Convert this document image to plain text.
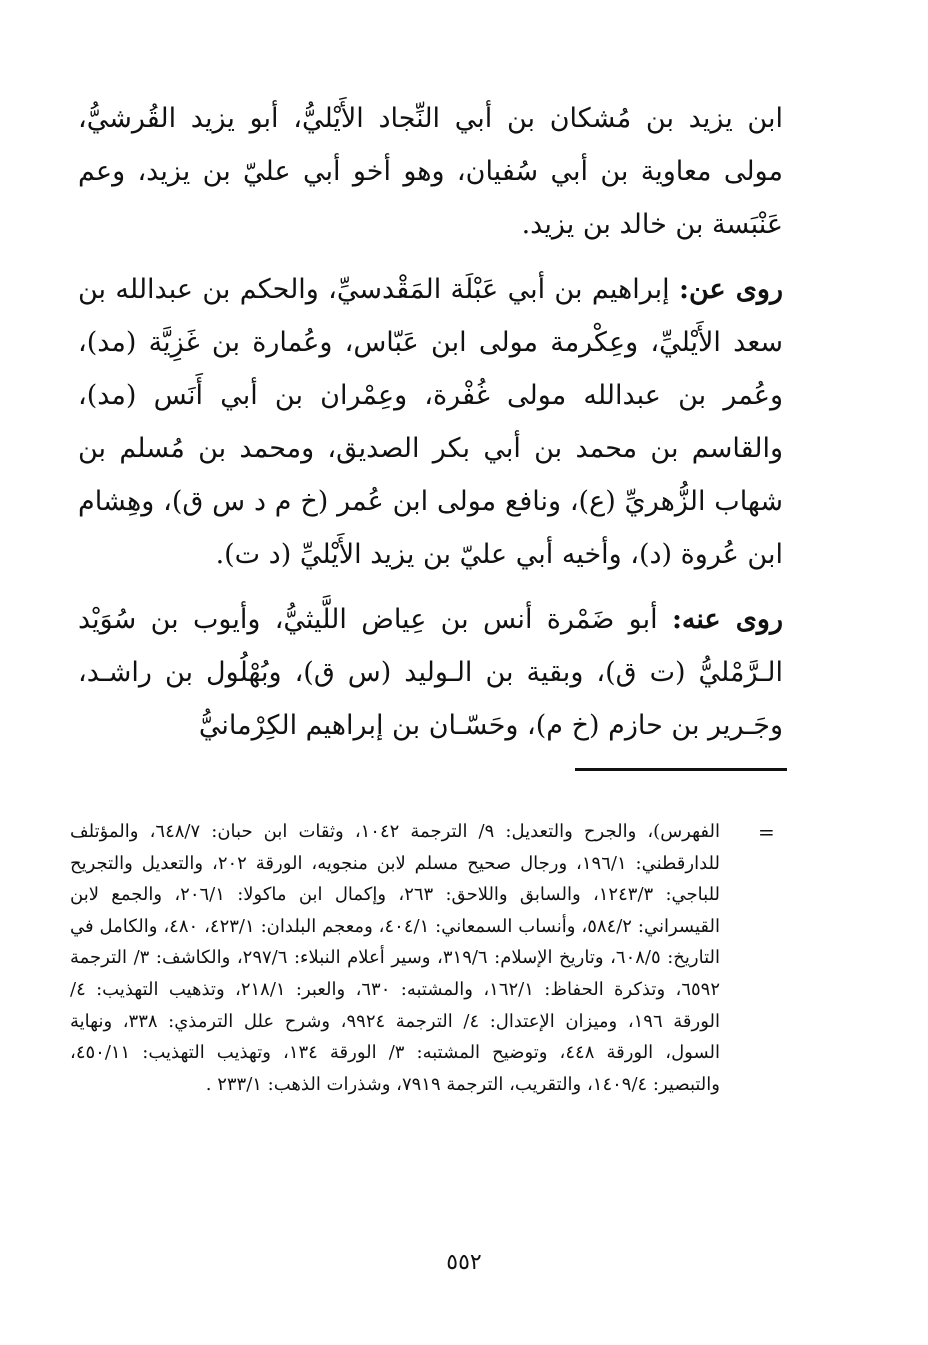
ابن يزيد بن مُشكان بن أبي النِّجاد الأَيْليُّ، أبو يزيد القُرشيُّ، مولى معاوية بن أبي سُفيان، وهو أخو أبي عليّ بن يزيد، وعم عَنْبَسة بن خالد بن يزيد.

روى عن: إبراهيم بن أبي عَبْلَة المَقْدسيِّ، والحكم بن عبدالله بن سعد الأَيْليِّ، وعِكْرمة مولى ابن عَبّاس، وعُمارة بن غَزِيَّة (مد)، وعُمر بن عبدالله مولى غُفْرة، وعِمْران بن أبي أَنَس (مد)، والقاسم بن محمد بن أبي بكر الصديق، ومحمد بن مُسلم بن شهاب الزُّهريِّ (ع)، ونافع مولى ابن عُمر (خ م د س ق)، وهِشام ابن عُروة (د)، وأخيه أبي عليّ بن يزيد الأَيْليِّ (د ت).

روى عنه: أبو ضَمْرة أنس بن عِياض اللَّيثيُّ، وأيوب بن سُوَيْد الـرَّمْليُّ (ت ق)، وبقية بن الـوليد (س ق)، وبُهْلُول بن راشـد، وجَـرير بن حازم (خ م)، وحَسّـان بن إبراهيم الكِرْمانيُّ

=
الفهرس)، والجرح والتعديل: ٩/ الترجمة ١٠٤٢، وثقات ابن حبان: ٦٤٨/٧، والمؤتلف للدارقطني: ١٩٦/١، ورجال صحيح مسلم لابن منجويه، الورقة ٢٠٢، والتعديل والتجريح للباجي: ١٢٤٣/٣، والسابق واللاحق: ٢٦٣، وإكمال ابن ماكولا: ٢٠٦/١، والجمع لابن القيسراني: ٥٨٤/٢، وأنساب السمعاني: ٤٠٤/١، ومعجم البلدان: ٤٢٣/١، ٤٨٠، والكامل في التاريخ: ٦٠٨/٥، وتاريخ الإسلام: ٣١٩/٦، وسير أعلام النبلاء: ٢٩٧/٦، والكاشف: ٣/ الترجمة ٦٥٩٢، وتذكرة الحفاظ: ١٦٢/١، والمشتبه: ٦٣٠، والعبر: ٢١٨/١، وتذهيب التهذيب: ٤/ الورقة ١٩٦، وميزان الإعتدال: ٤/ الترجمة ٩٩٢٤، وشرح علل الترمذي: ٣٣٨، ونهاية السول، الورقة ٤٤٨، وتوضيح المشتبه: ٣/ الورقة ١٣٤، وتهذيب التهذيب: ٤٥٠/١١، والتبصير: ١٤٠٩/٤، والتقريب، الترجمة ٧٩١٩، وشذرات الذهب: ٢٣٣/١ .
٥٥٢
